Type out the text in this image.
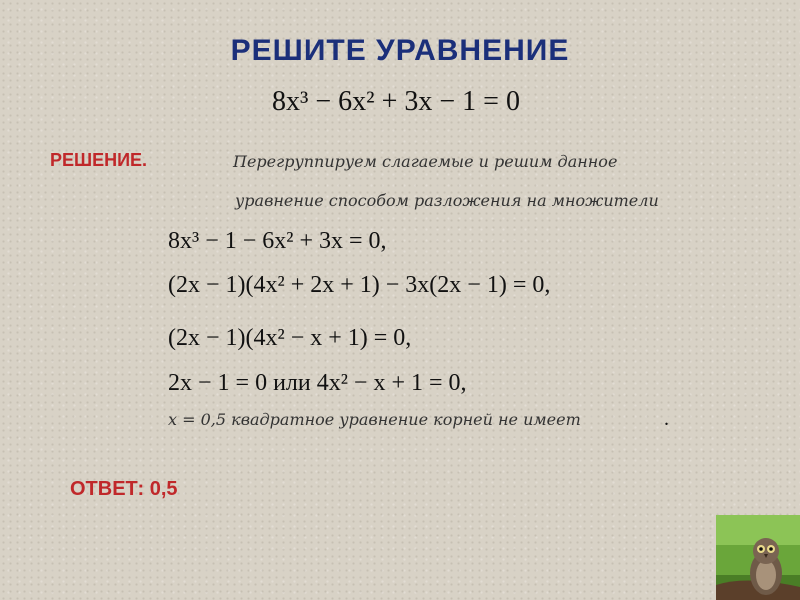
РЕШИТЕ УРАВНЕНИЕ
8x³ − 6x² + 3x − 1 = 0
РЕШЕНИЕ.	Перегруппируем слагаемые и решим данное
уравнение способом разложения на множители
8x³ − 1 − 6x² + 3x = 0,
(2x − 1)(4x² + 2x + 1) − 3x(2x − 1) = 0,
(2x − 1)(4x² − x + 1) = 0,
2x − 1 = 0 или 4x² − x + 1 = 0,
x = 0,5 квадратное уравнение корней не имеет	.
ОТВЕТ: 0,5
